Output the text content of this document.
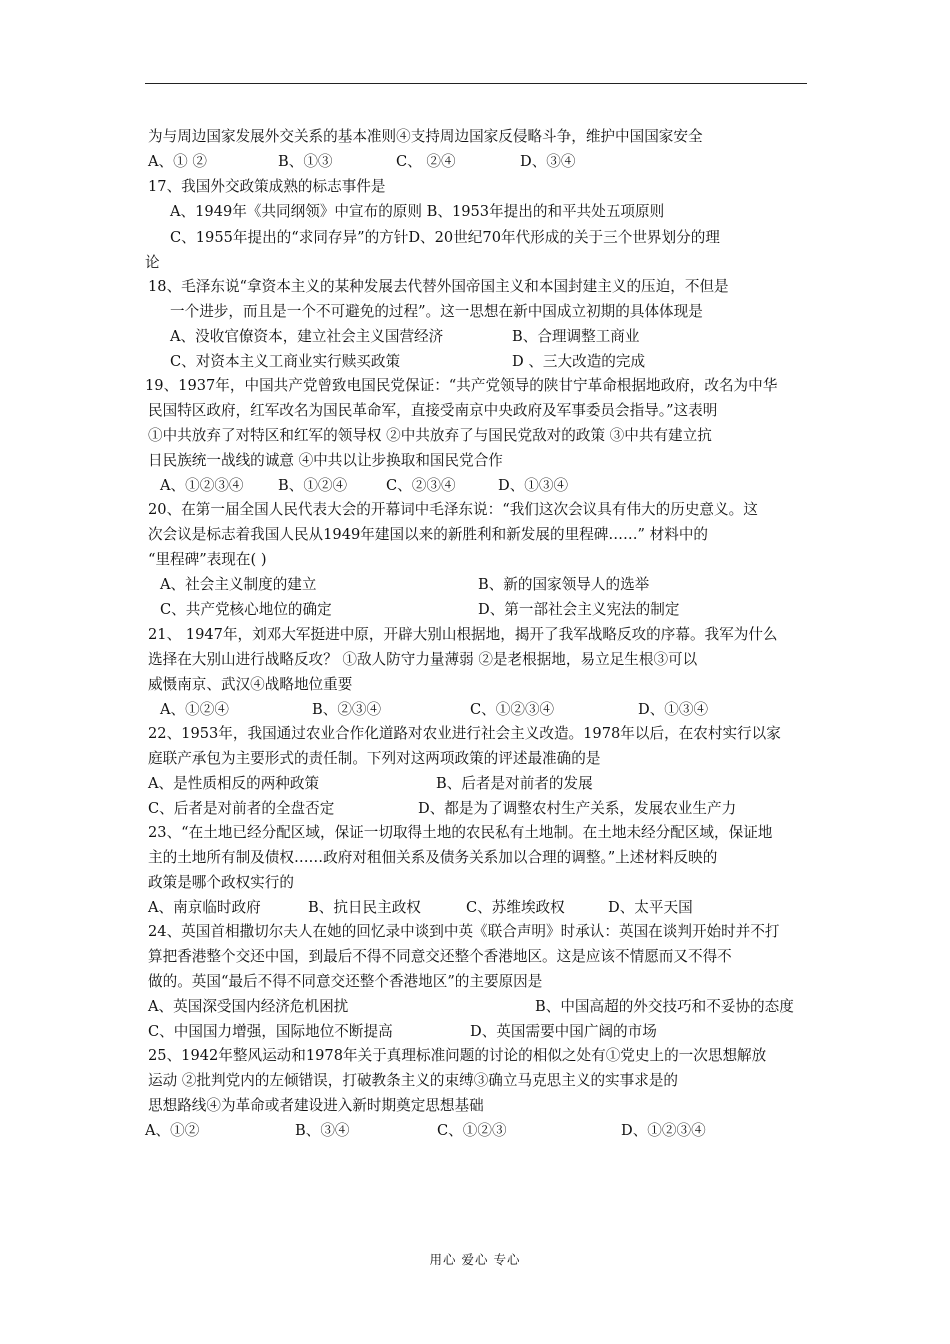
为与周边国家发展外交关系的基本准则④支持周边国家反侵略斗争，维护中国国家安全
A、① ②	B、①③	C、 ②④	D、③④
17、我国外交政策成熟的标志事件是
A、1949年《共同纲领》中宣布的原则 B、1953年提出的和平共处五项原则
C、1955年提出的“求同存异”的方针D、20世纪70年代形成的关于三个世界划分的理
论
18、毛泽东说“拿资本主义的某种发展去代替外国帝国主义和本国封建主义的压迫，不但是
一个进步，而且是一个不可避免的过程”。这一思想在新中国成立初期的具体体现是
A、没收官僚资本，建立社会主义国营经济	B、合理调整工商业
C、对资本主义工商业实行赎买政策	D 、三大改造的完成
19、1937年，中国共产党曾致电国民党保证：“共产党领导的陕甘宁革命根据地政府，改名为中华
民国特区政府，红军改名为国民革命军，直接受南京中央政府及军事委员会指导。”这表明
①中共放弃了对特区和红军的领导权 ②中共放弃了与国民党敌对的政策 ③中共有建立抗
日民族统一战线的诚意 ④中共以让步换取和国民党合作
A、①②③④ B、①②④	C、②③④	D、①③④
20、在第一届全国人民代表大会的开幕词中毛泽东说：“我们这次会议具有伟大的历史意义。这
次会议是标志着我国人民从1949年建国以来的新胜利和新发展的里程碑……” 材料中的
“里程碑”表现在( )
A、社会主义制度的建立	B、新的国家领导人的选举
C、共产党核心地位的确定	D、第一部社会主义宪法的制定
21、 1947年，刘邓大军挺进中原，开辟大别山根据地，揭开了我军战略反攻的序幕。我军为什么
选择在大别山进行战略反攻？ ①敌人防守力量薄弱 ②是老根据地，易立足生根③可以
威慑南京、武汉④战略地位重要
A、①②④	B、②③④	C、①②③④	D、①③④
22、1953年，我国通过农业合作化道路对农业进行社会主义改造。1978年以后，在农村实行以家
庭联产承包为主要形式的责任制。下列对这两项政策的评述最准确的是
A、是性质相反的两种政策	B、后者是对前者的发展
C、后者是对前者的全盘否定	D、都是为了调整农村生产关系，发展农业生产力
23、“在土地已经分配区域，保证一切取得土地的农民私有土地制。在土地未经分配区域，保证地
主的土地所有制及债权……政府对租佃关系及债务关系加以合理的调整。”上述材料反映的
政策是哪个政权实行的
A、南京临时政府	B、抗日民主政权	C、苏维埃政权	D、太平天国
24、英国首相撒切尔夫人在她的回忆录中谈到中英《联合声明》时承认：英国在谈判开始时并不打
算把香港整个交还中国，到最后不得不同意交还整个香港地区。这是应该不情愿而又不得不
做的。英国“最后不得不同意交还整个香港地区”的主要原因是
A、英国深受国内经济危机困扰	B、中国高超的外交技巧和不妥协的态度
C、中国国力增强，国际地位不断提高	D、英国需要中国广阔的市场
25、1942年整风运动和1978年关于真理标准问题的讨论的相似之处有①党史上的一次思想解放
运动 ②批判党内的左倾错误，打破教条主义的束缚③确立马克思主义的实事求是的
思想路线④为革命或者建设进入新时期奠定思想基础
A、①②	B、③④	C、①②③	D、①②③④
用心 爱心 专心
